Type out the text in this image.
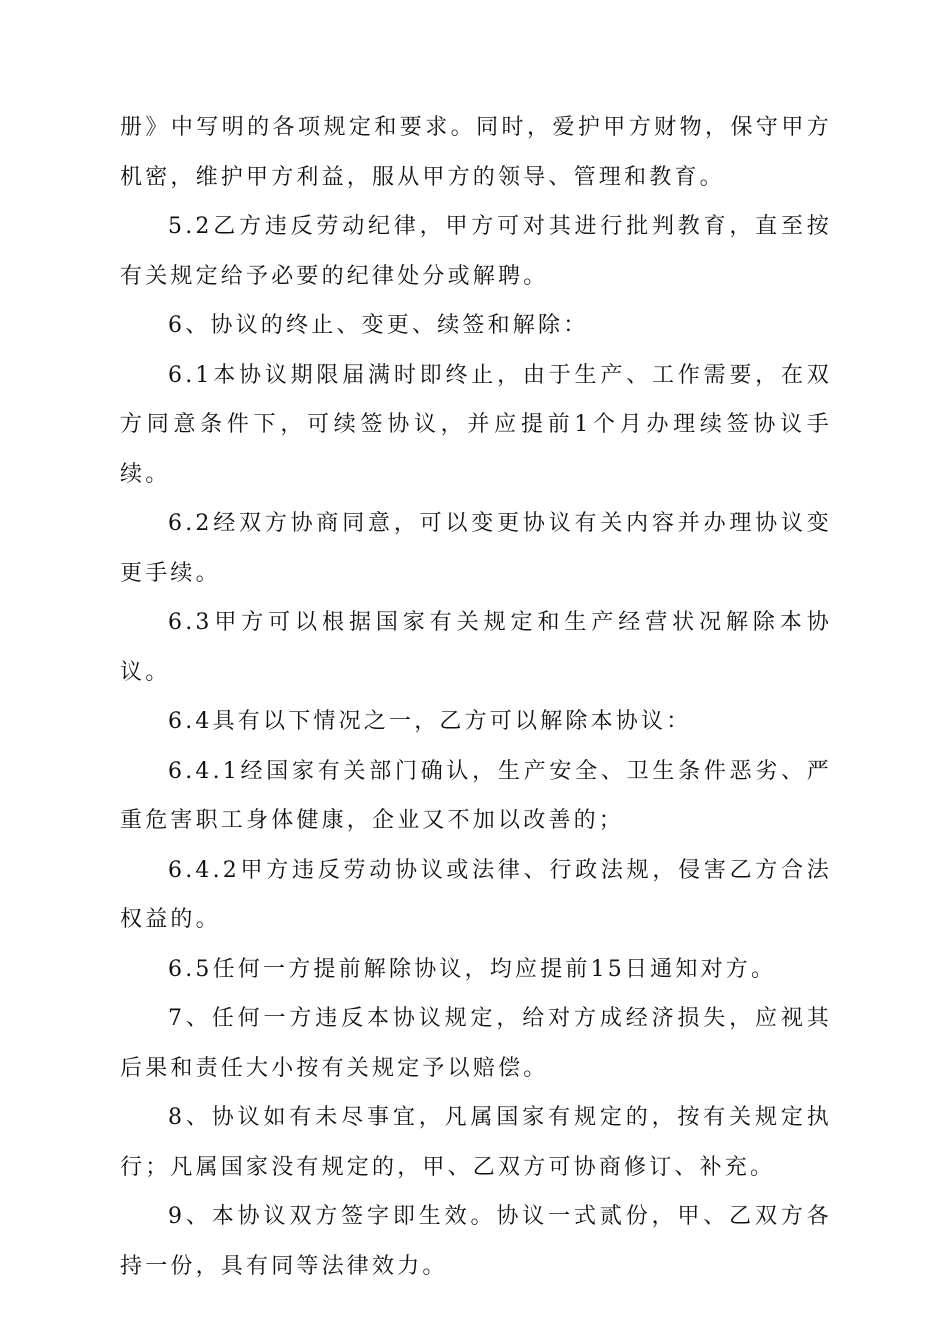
册》中写明的各项规定和要求。同时，爱护甲方财物，保守甲方机密，维护甲方利益，服从甲方的领导、管理和教育。

5.2乙方违反劳动纪律，甲方可对其进行批判教育，直至按有关规定给予必要的纪律处分或解聘。

6、协议的终止、变更、续签和解除：

6.1本协议期限届满时即终止，由于生产、工作需要，在双方同意条件下，可续签协议，并应提前1个月办理续签协议手续。

6.2经双方协商同意，可以变更协议有关内容并办理协议变更手续。

6.3甲方可以根据国家有关规定和生产经营状况解除本协议。

6.4具有以下情况之一，乙方可以解除本协议：

6.4.1经国家有关部门确认，生产安全、卫生条件恶劣、严重危害职工身体健康，企业又不加以改善的；

6.4.2甲方违反劳动协议或法律、行政法规，侵害乙方合法权益的。

6.5任何一方提前解除协议，均应提前15日通知对方。

7、任何一方违反本协议规定，给对方成经济损失，应视其后果和责任大小按有关规定予以赔偿。

8、协议如有未尽事宜，凡属国家有规定的，按有关规定执行；凡属国家没有规定的，甲、乙双方可协商修订、补充。

9、本协议双方签字即生效。协议一式贰份，甲、乙双方各持一份，具有同等法律效力。
